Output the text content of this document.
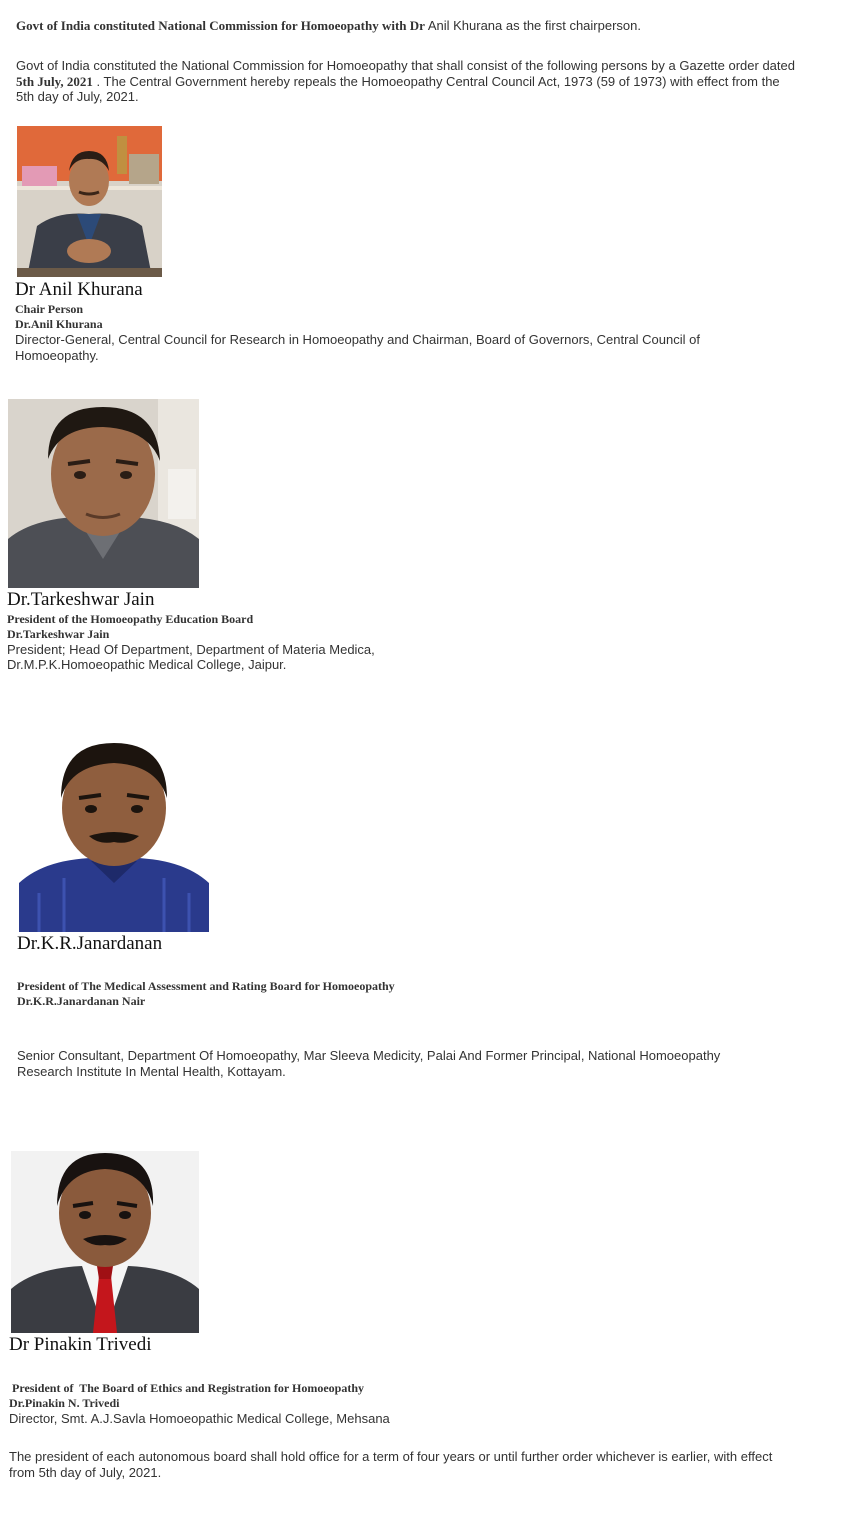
Govt of India constituted National Commission for Homoeopathy with Dr Anil Khurana as the first chairperson.
Govt of India constituted the National Commission for Homoeopathy that shall consist of the following persons by a Gazette order dated 5th July, 2021 . The Central Government hereby repeals the Homoeopathy Central Council Act, 1973 (59 of 1973) with effect from the 5th day of July, 2021.
Dr Anil Khurana
Chair Person
Dr.Anil Khurana
Director-General, Central Council for Research in Homoeopathy and Chairman, Board of Governors, Central Council of Homoeopathy.
Dr.Tarkeshwar Jain
President of the Homoeopathy Education Board
Dr.Tarkeshwar Jain
President; Head Of Department, Department of Materia Medica,
Dr.M.P.K.Homoeopathic Medical College, Jaipur.
Dr.K.R.Janardanan
President of The Medical Assessment and Rating Board for Homoeopathy
Dr.K.R.Janardanan Nair
Senior Consultant, Department Of Homoeopathy, Mar Sleeva Medicity, Palai And Former Principal, National Homoeopathy Research Institute In Mental Health, Kottayam.
Dr Pinakin Trivedi
President of  The Board of Ethics and Registration for Homoeopathy
Dr.Pinakin N. Trivedi
Director, Smt. A.J.Savla Homoeopathic Medical College, Mehsana
The president of each autonomous board shall hold office for a term of four years or until further order whichever is earlier, with effect from 5th day of July, 2021.
